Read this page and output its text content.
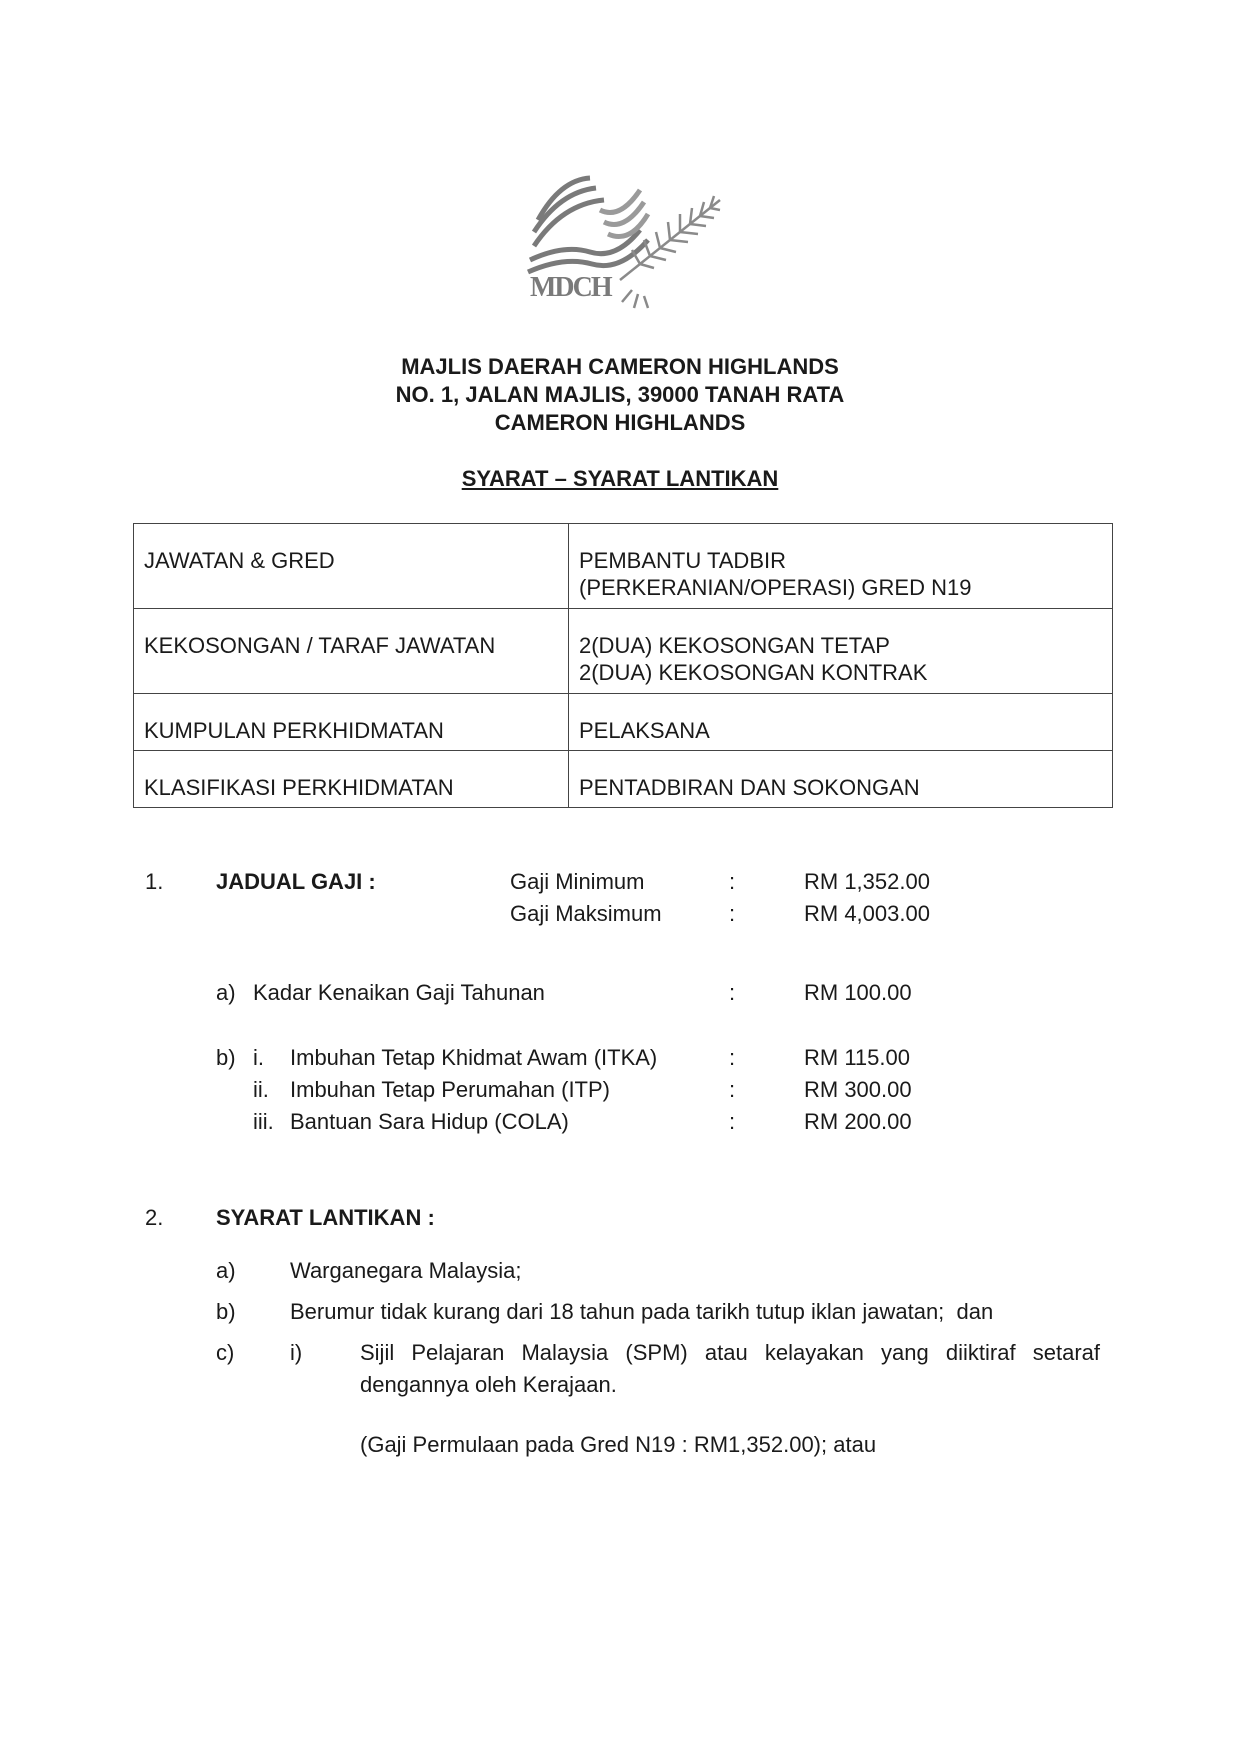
MDCH
MAJLIS DAERAH CAMERON HIGHLANDS
NO. 1, JALAN MAJLIS, 39000 TANAH RATA
CAMERON HIGHLANDS
SYARAT – SYARAT LANTIKAN
JAWATAN & GRED	PEMBANTU TADBIR
(PERKERANIAN/OPERASI) GRED N19

KEKOSONGAN / TARAF JAWATAN	2(DUA) KEKOSONGAN TETAP
2(DUA) KEKOSONGAN KONTRAK

KUMPULAN PERKHIDMATAN	PELAKSANA

KLASIFIKASI PERKHIDMATAN	PENTADBIRAN DAN SOKONGAN
1. JADUAL GAJI :	Gaji Minimum	:	RM 1,352.00
Gaji Maksimum	:	RM 4,003.00
a) Kadar Kenaikan Gaji Tahunan	:	RM 100.00
b) i. Imbuhan Tetap Khidmat Awam (ITKA)	:	RM 115.00
ii. Imbuhan Tetap Perumahan (ITP)	:	RM 300.00
iii. Bantuan Sara Hidup (COLA)	:	RM 200.00
2. SYARAT LANTIKAN :
a) Warganegara Malaysia;
b) Berumur tidak kurang dari 18 tahun pada tarikh tutup iklan jawatan;  dan
c)	i)	Sijil Pelajaran Malaysia (SPM) atau kelayakan yang diiktiraf setaraf
dengannya oleh Kerajaan.
(Gaji Permulaan pada Gred N19 : RM1,352.00); atau
